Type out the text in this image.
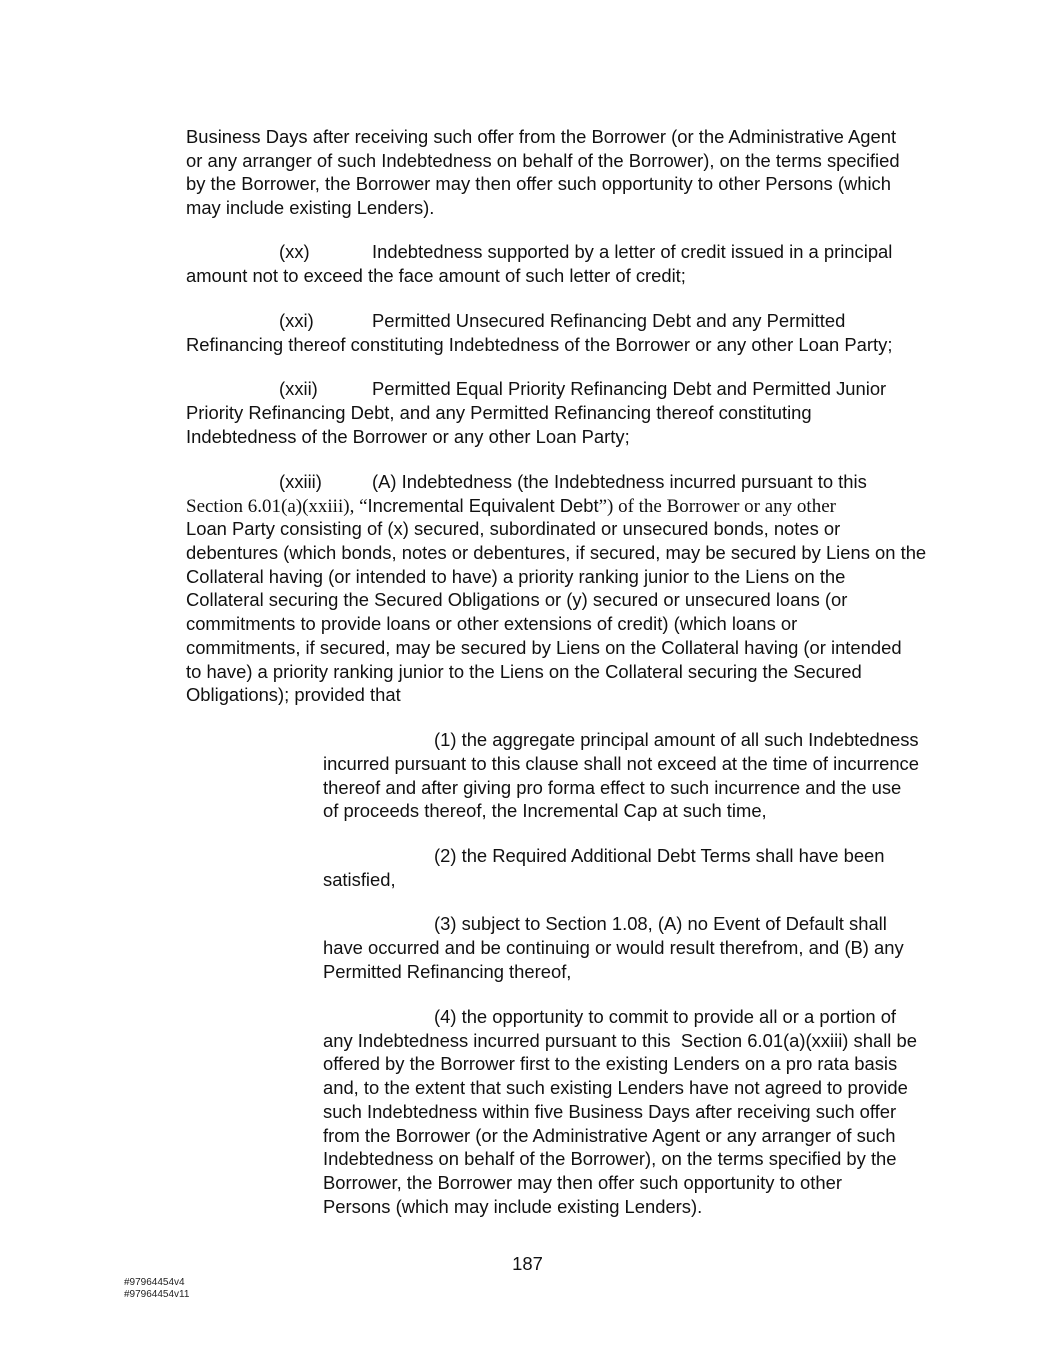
Business Days after receiving such offer from the Borrower (or the Administrative Agent
or any arranger of such Indebtedness on behalf of the Borrower), on the terms specified
by the Borrower, the Borrower may then offer such opportunity to other Persons (which
may include existing Lenders).
(xx)	Indebtedness supported by a letter of credit issued in a principal
amount not to exceed the face amount of such letter of credit;
(xxi)	Permitted Unsecured Refinancing Debt and any Permitted
Refinancing thereof constituting Indebtedness of the Borrower or any other Loan Party;
(xxii)	Permitted Equal Priority Refinancing Debt and Permitted Junior
Priority Refinancing Debt, and any Permitted Refinancing thereof constituting
Indebtedness of the Borrower or any other Loan Party;
(xxiii)	(A) Indebtedness (the Indebtedness incurred pursuant to this
Section 6.01(a)(xxiii), “Incremental Equivalent Debt”) of the Borrower or any other
Loan Party consisting of (x) secured, subordinated or unsecured bonds, notes or
debentures (which bonds, notes or debentures, if secured, may be secured by Liens on the
Collateral having (or intended to have) a priority ranking junior to the Liens on the
Collateral securing the Secured Obligations or (y) secured or unsecured loans (or
commitments to provide loans or other extensions of credit) (which loans or
commitments, if secured, may be secured by Liens on the Collateral having (or intended
to have) a priority ranking junior to the Liens on the Collateral securing the Secured
Obligations); provided that
(1) the aggregate principal amount of all such Indebtedness
incurred pursuant to this clause shall not exceed at the time of incurrence
thereof and after giving pro forma effect to such incurrence and the use
of proceeds thereof, the Incremental Cap at such time,
(2) the Required Additional Debt Terms shall have been
satisfied,
(3) subject to Section 1.08, (A) no Event of Default shall
have occurred and be continuing or would result therefrom, and (B) any
Permitted Refinancing thereof,
(4) the opportunity to commit to provide all or a portion of
any Indebtedness incurred pursuant to this  Section 6.01(a)(xxiii) shall be
offered by the Borrower first to the existing Lenders on a pro rata basis
and, to the extent that such existing Lenders have not agreed to provide
such Indebtedness within five Business Days after receiving such offer
from the Borrower (or the Administrative Agent or any arranger of such
Indebtedness on behalf of the Borrower), on the terms specified by the
Borrower, the Borrower may then offer such opportunity to other
Persons (which may include existing Lenders).
187
#97964454v4
#97964454v11
